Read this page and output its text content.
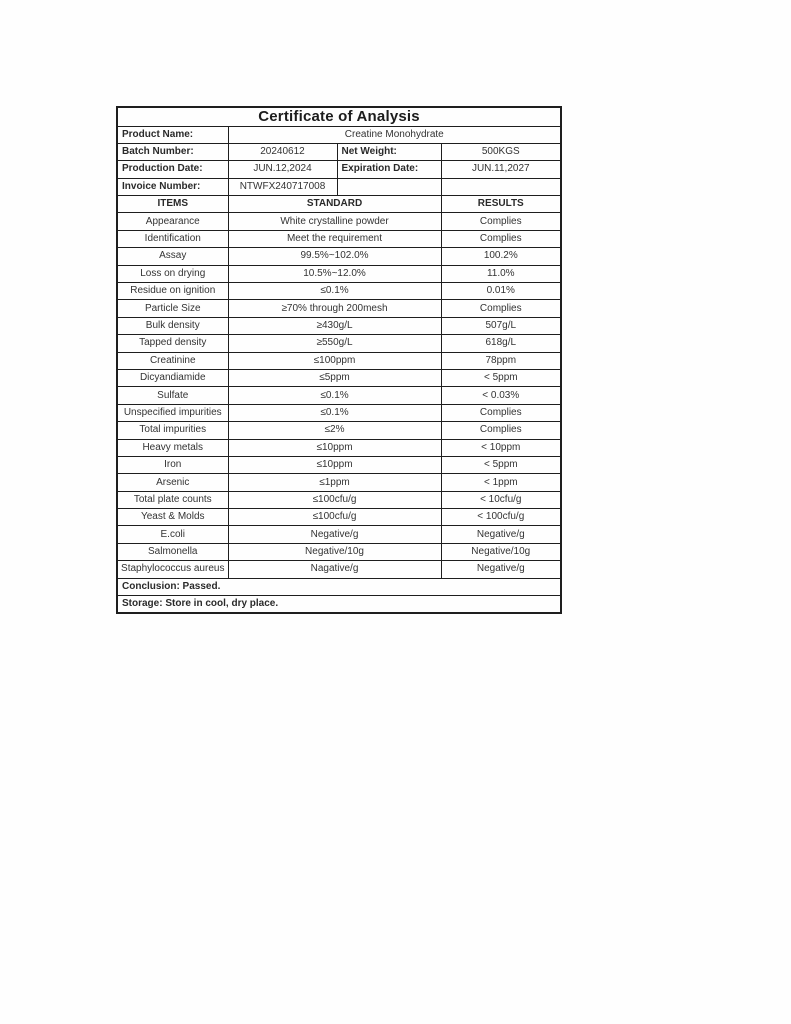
Certificate of Analysis			
Product Name:	Creatine Monohydrate		
Batch Number:	20240612	Net Weight:	500KGS
Production Date:	JUN.12,2024	Expiration Date:	JUN.11,2027
Invoice Number:	NTWFX240717008		
ITEMS	STANDARD		RESULTS
Appearance	White crystalline powder		Complies
Identification	Meet the requirement		Complies
Assay	99.5%~102.0%		100.2%
Loss on drying	10.5%~12.0%		11.0%
Residue on ignition	≤0.1%		0.01%
Particle Size	≥70% through 200mesh		Complies
Bulk density	≥430g/L		507g/L
Tapped density	≥550g/L		618g/L
Creatinine	≤100ppm		78ppm
Dicyandiamide	≤5ppm		< 5ppm
Sulfate	≤0.1%		< 0.03%
Unspecified impurities	≤0.1%		Complies
Total impurities	≤2%		Complies
Heavy metals	≤10ppm		< 10ppm
Iron	≤10ppm		< 5ppm
Arsenic	≤1ppm		< 1ppm
Total plate counts	≤100cfu/g		< 10cfu/g
Yeast & Molds	≤100cfu/g		< 100cfu/g
E.coli	Negative/g		Negative/g
Salmonella	Negative/10g		Negative/10g
Staphylococcus aureus	Nagative/g		Negative/g
Conclusion: Passed.			
Storage: Store in cool, dry place.			
